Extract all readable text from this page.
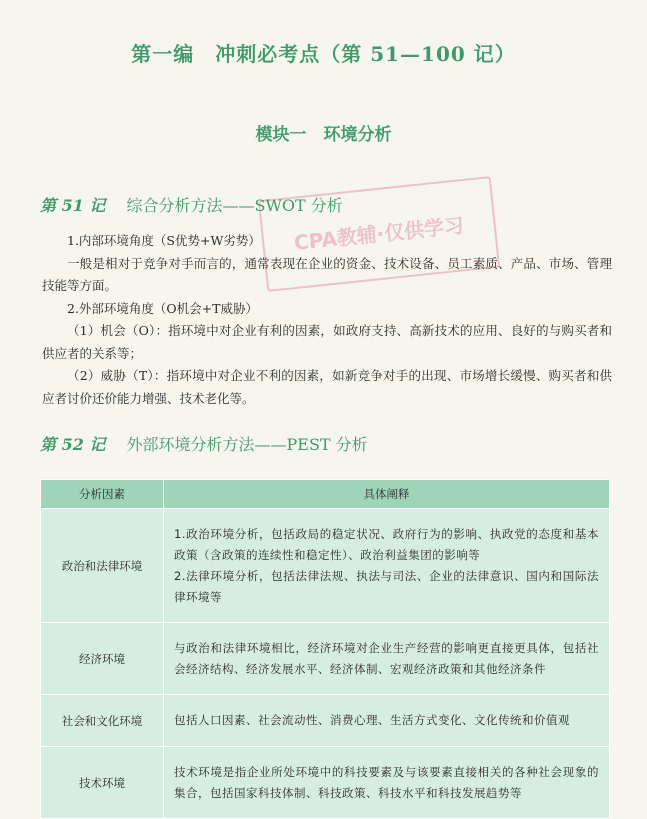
第一编　冲刺必考点（第 51—100 记）
模块一　环境分析
CPA教辅·仅供学习
第 51 记　 综合分析方法——SWOT 分析

1.内部环境角度（S优势+W劣势）

一般是相对于竞争对手而言的，通常表现在企业的资金、技术设备、员工素质、产品、市场、管理技能等方面。

2.外部环境角度（O机会+T威胁）

（1）机会（O）：指环境中对企业有利的因素，如政府支持、高新技术的应用、良好的与购买者和供应者的关系等；

（2）威胁（T）：指环境中对企业不利的因素，如新竞争对手的出现、市场增长缓慢、购买者和供应者讨价还价能力增强、技术老化等。

第 52 记　 外部环境分析方法——PEST 分析
分析因素	具体阐释
政治和法律环境	1.政治环境分析，包括政局的稳定状况、政府行为的影响、执政党的态度和基本政策（含政策的连续性和稳定性）、政治利益集团的影响等
2.法律环境分析，包括法律法规、执法与司法、企业的法律意识、国内和国际法律环境等

经济环境	与政治和法律环境相比，经济环境对企业生产经营的影响更直接更具体，包括社会经济结构、经济发展水平、经济体制、宏观经济政策和其他经济条件

社会和文化环境	包括人口因素、社会流动性、消费心理、生活方式变化、文化传统和价值观

技术环境	技术环境是指企业所处环境中的科技要素及与该要素直接相关的各种社会现象的集合，包括国家科技体制、科技政策、科技水平和科技发展趋势等
